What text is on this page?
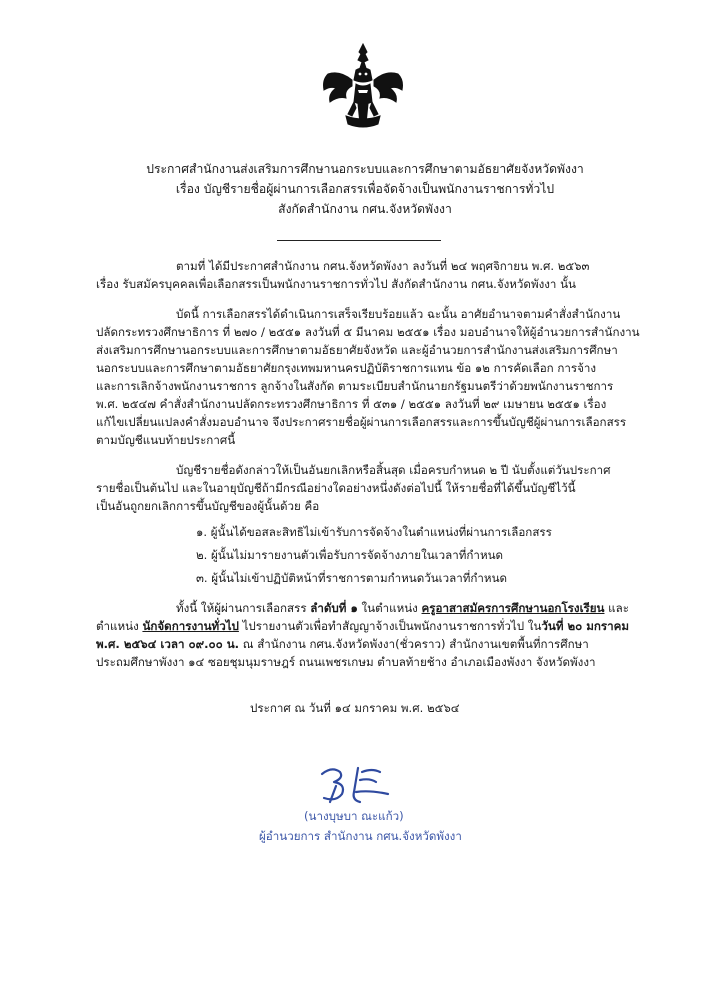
ประกาศสำนักงานส่งเสริมการศึกษานอกระบบและการศึกษาตามอัธยาศัยจังหวัดพังงา
เรื่อง บัญชีรายชื่อผู้ผ่านการเลือกสรรเพื่อจัดจ้างเป็นพนักงานราชการทั่วไป
สังกัดสำนักงาน กศน.จังหวัดพังงา
ตามที่ ได้มีประกาศสำนักงาน กศน.จังหวัดพังงา ลงวันที่ ๒๔ พฤศจิกายน พ.ศ. ๒๕๖๓
เรื่อง รับสมัครบุคคลเพื่อเลือกสรรเป็นพนักงานราชการทั่วไป สังกัดสำนักงาน กศน.จังหวัดพังงา นั้น
บัดนี้ การเลือกสรรได้ดำเนินการเสร็จเรียบร้อยแล้ว ฉะนั้น อาศัยอำนาจตามคำสั่งสำนักงาน
ปลัดกระทรวงศึกษาธิการ ที่ ๒๗๐ / ๒๕๕๑ ลงวันที่ ๕ มีนาคม ๒๕๕๑ เรื่อง มอบอำนาจให้ผู้อำนวยการสำนักงาน
ส่งเสริมการศึกษานอกระบบและการศึกษาตามอัธยาศัยจังหวัด และผู้อำนวยการสำนักงานส่งเสริมการศึกษา
นอกระบบและการศึกษาตามอัธยาศัยกรุงเทพมหานครปฏิบัติราชการแทน ข้อ ๑๒ การคัดเลือก การจ้าง
และการเลิกจ้างพนักงานราชการ ลูกจ้างในสังกัด ตามระเบียบสำนักนายกรัฐมนตรีว่าด้วยพนักงานราชการ
พ.ศ. ๒๕๔๗ คำสั่งสำนักงานปลัดกระทรวงศึกษาธิการ ที่ ๕๓๑ / ๒๕๕๑ ลงวันที่ ๒๙ เมษายน ๒๕๕๑ เรื่อง
แก้ไขเปลี่ยนแปลงคำสั่งมอบอำนาจ จึงประกาศรายชื่อผู้ผ่านการเลือกสรรและการขึ้นบัญชีผู้ผ่านการเลือกสรร
ตามบัญชีแนบท้ายประกาศนี้
บัญชีรายชื่อดังกล่าวให้เป็นอันยกเลิกหรือสิ้นสุด เมื่อครบกำหนด ๒ ปี นับตั้งแต่วันประกาศ
รายชื่อเป็นต้นไป และในอายุบัญชีถ้ามีกรณีอย่างใดอย่างหนึ่งดังต่อไปนี้ ให้รายชื่อที่ได้ขึ้นบัญชีไว้นี้
เป็นอันถูกยกเลิกการขึ้นบัญชีของผู้นั้นด้วย คือ
๑. ผู้นั้นได้ขอสละสิทธิไม่เข้ารับการจัดจ้างในตำแหน่งที่ผ่านการเลือกสรร
๒. ผู้นั้นไม่มารายงานตัวเพื่อรับการจัดจ้างภายในเวลาที่กำหนด
๓. ผู้นั้นไม่เข้าปฏิบัติหน้าที่ราชการตามกำหนดวันเวลาที่กำหนด
ทั้งนี้ ให้ผู้ผ่านการเลือกสรร ลำดับที่ ๑ ในตำแหน่ง ครูอาสาสมัครการศึกษานอกโรงเรียน และ
ตำแหน่ง นักจัดการงานทั่วไป ไปรายงานตัวเพื่อทำสัญญาจ้างเป็นพนักงานราชการทั่วไป ในวันที่ ๒๐ มกราคม
พ.ศ. ๒๕๖๔ เวลา ๐๙.๐๐ น. ณ สำนักงาน กศน.จังหวัดพังงา(ชั่วคราว) สำนักงานเขตพื้นที่การศึกษา
ประถมศึกษาพังงา ๑๔ ซอยชุมนุมราษฎร์ ถนนเพชรเกษม ตำบลท้ายช้าง อำเภอเมืองพังงา จังหวัดพังงา
ประกาศ ณ วันที่ ๑๔ มกราคม พ.ศ. ๒๕๖๔
(นางบุษบา ณะแก้ว)
ผู้อำนวยการ สำนักงาน กศน.จังหวัดพังงา
